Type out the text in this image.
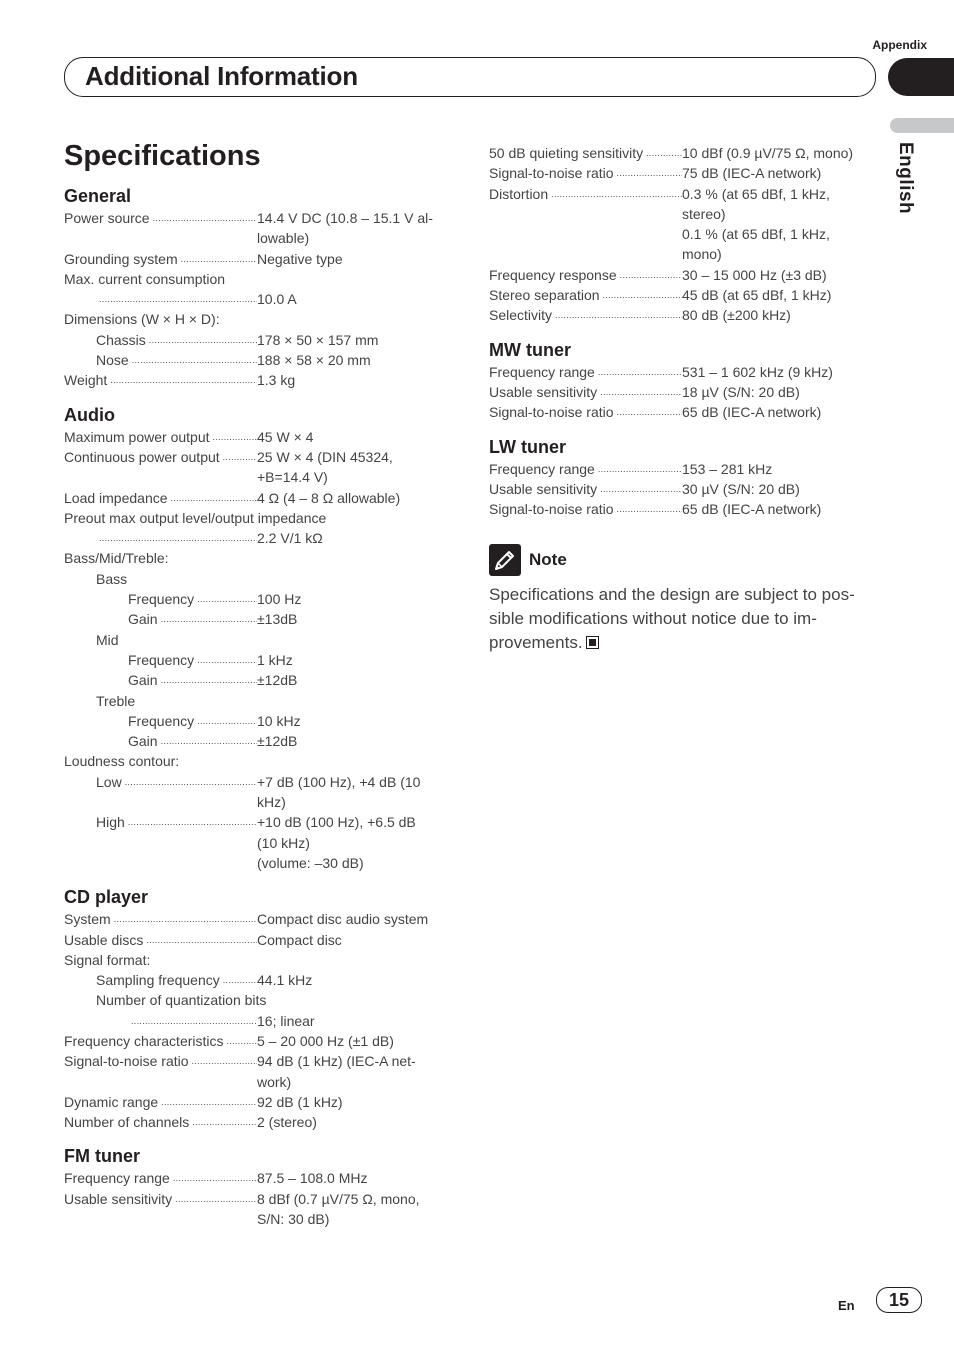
Appendix
Additional Information
English
Specifications
General
Power source .....	14.4 V DC (10.8 – 15.1 V al-
lowable)
Grounding system .....	Negative type
Max. current consumption
.....
10.0 A
Dimensions (W × H × D):
Chassis .....	178 × 50 × 157 mm
Nose .....	188 × 58 × 20 mm
Weight .....	1.3 kg
Audio
Maximum power output .....	45 W × 4
Continuous power output .....	25 W × 4 (DIN 45324,
+B=14.4 V)
Load impedance .....	4 Ω (4 – 8 Ω allowable)
Preout max output level/output impedance
.....
2.2 V/1 kΩ
Bass/Mid/Treble:
Bass
Frequency .....	100 Hz
Gain .....	±13dB
Mid
Frequency .....	1 kHz
Gain .....	±12dB
Treble
Frequency .....	10 kHz
Gain .....	±12dB
Loudness contour:
Low .....	+7 dB (100 Hz), +4 dB (10
kHz)
High .....	+10 dB (100 Hz), +6.5 dB
(10 kHz)
(volume: –30 dB)
CD player
System .....	Compact disc audio system
Usable discs .....	Compact disc
Signal format:
Sampling frequency .....	44.1 kHz
Number of quantization bits
.....
16; linear
Frequency characteristics ..... 5 – 20 000 Hz (±1 dB)
Signal-to-noise ratio .....	94 dB (1 kHz) (IEC-A net-
work)
Dynamic range .....	92 dB (1 kHz)
Number of channels .....	2 (stereo)
FM tuner
Frequency range .....	87.5 – 108.0 MHz
Usable sensitivity .....	8 dBf (0.7 µV/75 Ω, mono,
S/N: 30 dB)
50 dB quieting sensitivity .....	10 dBf (0.9 µV/75 Ω, mono)
Signal-to-noise ratio .....	75 dB (IEC-A network)
Distortion .....	0.3 % (at 65 dBf, 1 kHz,
stereo)
0.1 % (at 65 dBf, 1 kHz,
mono)
Frequency response .....	30 – 15 000 Hz (±3 dB)
Stereo separation .....	45 dB (at 65 dBf, 1 kHz)
Selectivity .....	80 dB (±200 kHz)
MW tuner
Frequency range .....	531 – 1 602 kHz (9 kHz)
Usable sensitivity .....	18 µV (S/N: 20 dB)
Signal-to-noise ratio .....	65 dB (IEC-A network)
LW tuner
Frequency range .....	153 – 281 kHz
Usable sensitivity .....	30 µV (S/N: 20 dB)
Signal-to-noise ratio .....	65 dB (IEC-A network)
Note
Specifications and the design are subject to pos-
sible modifications without notice due to im-
provements.
En	15
